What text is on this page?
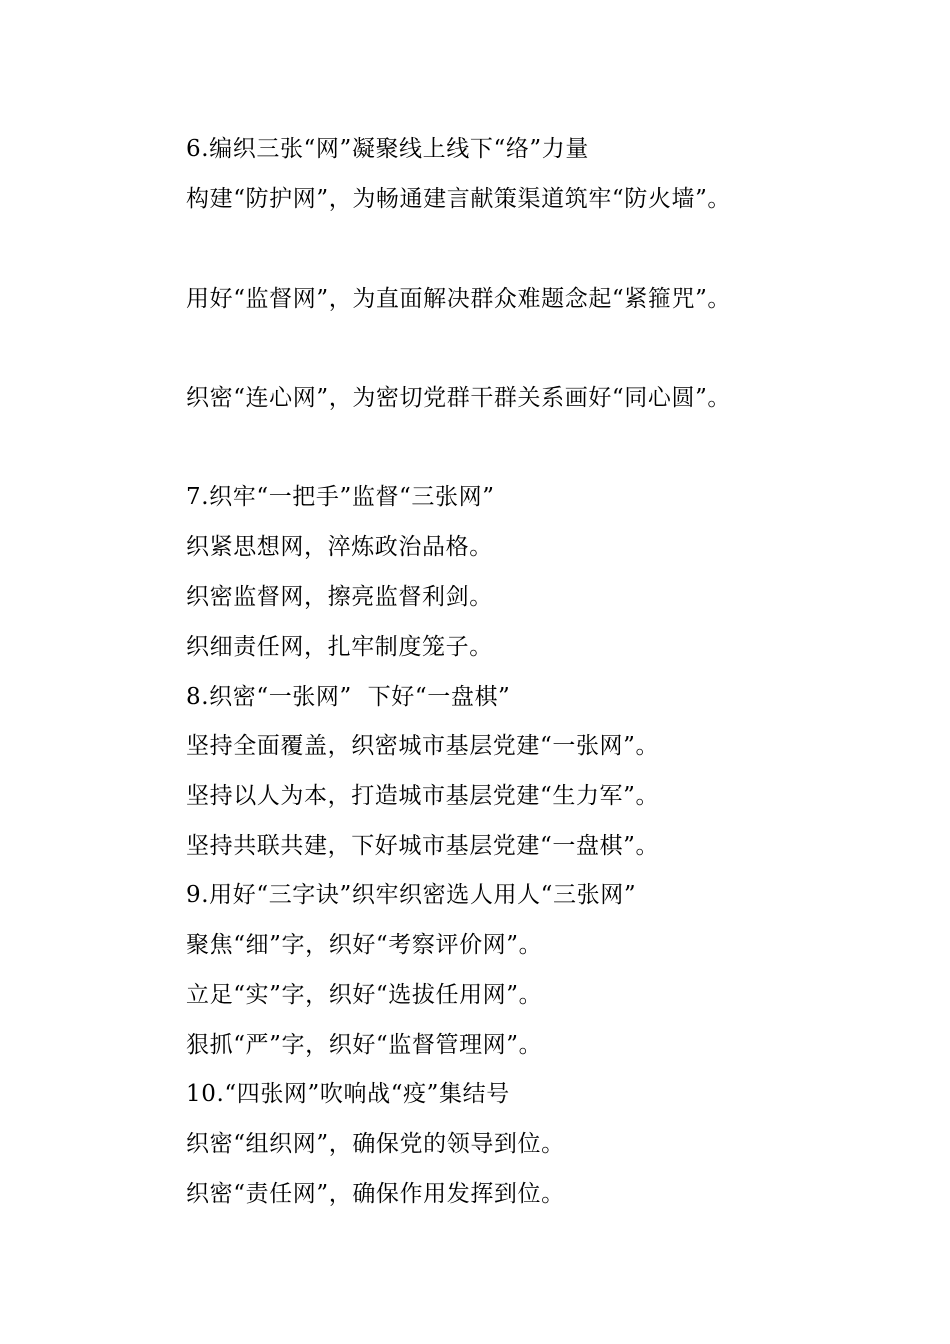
6.编织三张“网”凝聚线上线下“络”力量
构建“防护网”，为畅通建言献策渠道筑牢“防火墙”。
用好“监督网”，为直面解决群众难题念起“紧箍咒”。
织密“连心网”，为密切党群干群关系画好“同心圆”。
7.织牢“一把手”监督“三张网”
织紧思想网，淬炼政治品格。
织密监督网，擦亮监督利剑。
织细责任网，扎牢制度笼子。
8.织密“一张网”  下好“一盘棋”
坚持全面覆盖，织密城市基层党建“一张网”。
坚持以人为本，打造城市基层党建“生力军”。
坚持共联共建，下好城市基层党建“一盘棋”。
9.用好“三字诀”织牢织密选人用人“三张网”
聚焦“细”字，织好“考察评价网”。
立足“实”字，织好“选拔任用网”。
狠抓“严”字，织好“监督管理网”。
10.“四张网”吹响战“疫”集结号
织密“组织网”，确保党的领导到位。
织密“责任网”，确保作用发挥到位。
